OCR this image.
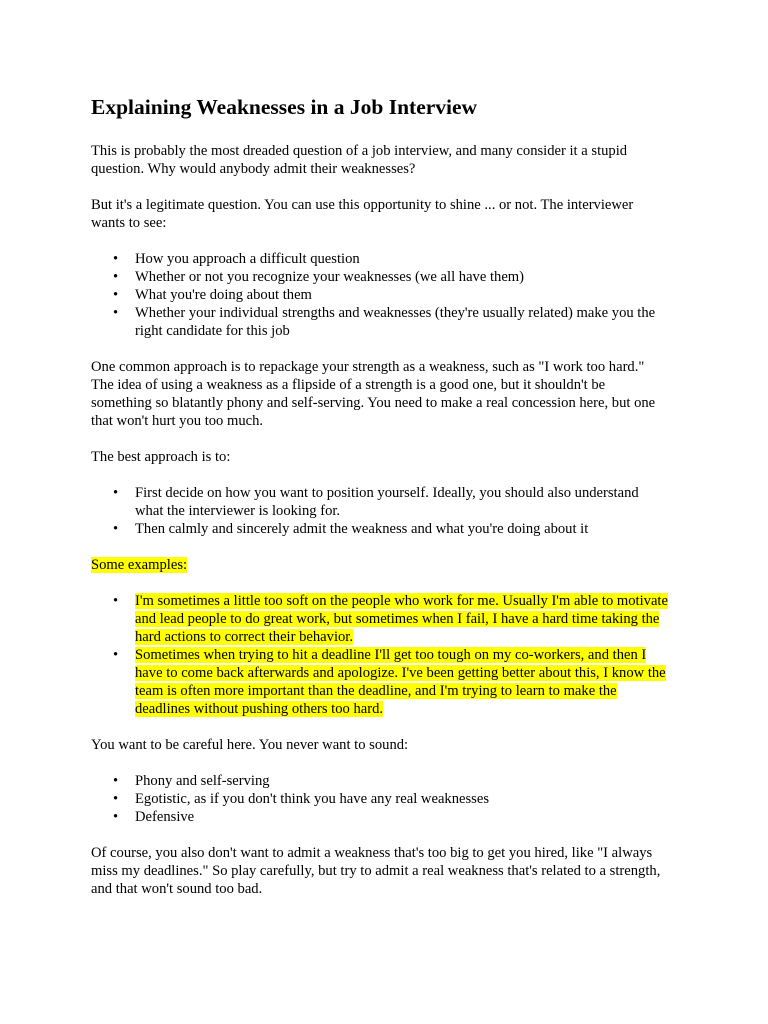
Explaining Weaknesses in a Job Interview

This is probably the most dreaded question of a job interview, and many consider it a stupid question. Why would anybody admit their weaknesses?

But it's a legitimate question. You can use this opportunity to shine ... or not. The interviewer wants to see:

• How you approach a difficult question
• Whether or not you recognize your weaknesses (we all have them)
• What you're doing about them
• Whether your individual strengths and weaknesses (they're usually related) make you the right candidate for this job

One common approach is to repackage your strength as a weakness, such as "I work too hard." The idea of using a weakness as a flipside of a strength is a good one, but it shouldn't be something so blatantly phony and self-serving. You need to make a real concession here, but one that won't hurt you too much.

The best approach is to:

• First decide on how you want to position yourself. Ideally, you should also understand what the interviewer is looking for.
• Then calmly and sincerely admit the weakness and what you're doing about it

Some examples:

• I'm sometimes a little too soft on the people who work for me. Usually I'm able to motivate and lead people to do great work, but sometimes when I fail, I have a hard time taking the hard actions to correct their behavior.
• Sometimes when trying to hit a deadline I'll get too tough on my co-workers, and then I have to come back afterwards and apologize. I've been getting better about this, I know the team is often more important than the deadline, and I'm trying to learn to make the deadlines without pushing others too hard.

You want to be careful here. You never want to sound:

• Phony and self-serving
• Egotistic, as if you don't think you have any real weaknesses
• Defensive

Of course, you also don't want to admit a weakness that's too big to get you hired, like "I always miss my deadlines." So play carefully, but try to admit a real weakness that's related to a strength, and that won't sound too bad.
